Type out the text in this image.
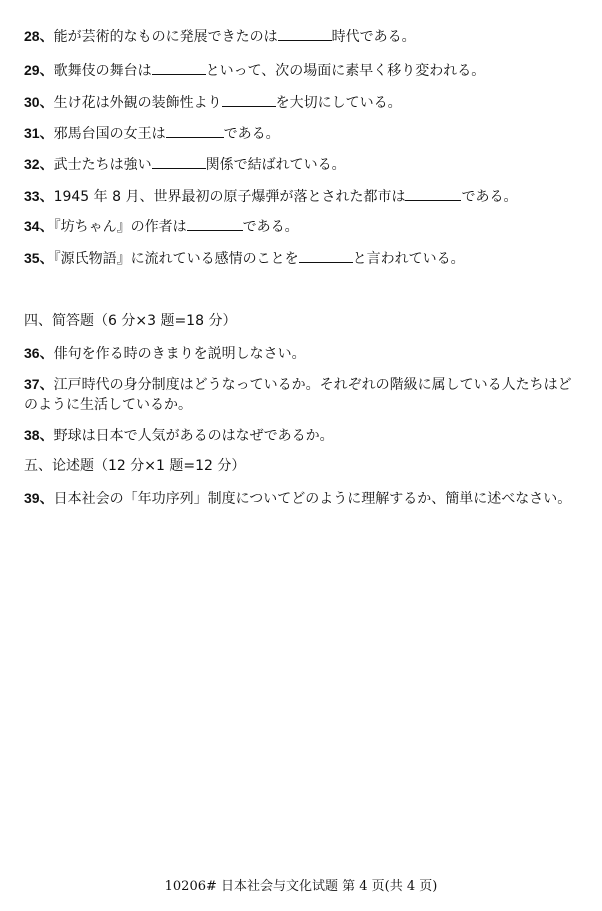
28、能が芸術的なものに発展できたのは	時代である。
29、歌舞伎の舞台は	といって、次の場面に素早く移り変われる。
30、生け花は外観の装飾性より	を大切にしている。
31、邪馬台国の女王は	である。
32、武士たちは強い	関係で結ばれている。
33、1945 年 8 月、世界最初の原子爆弾が落とされた都市は	である。
34、『坊ちゃん』の作者は	である。
35、『源氏物語』に流れている感情のことを	と言われている。
四、简答题（6 分×3 题=18 分）
36、俳句を作る時のきまりを説明しなさい。
37、江戸時代の身分制度はどうなっているか。それぞれの階級に属している人たちはどのように生活しているか。
38、野球は日本で人気があるのはなぜであるか。
五、论述题（12 分×1 题=12 分）
39、日本社会の「年功序列」制度についてどのように理解するか、簡単に述べなさい。
10206# 日本社会与文化试题 第 4 页(共 4 页)
